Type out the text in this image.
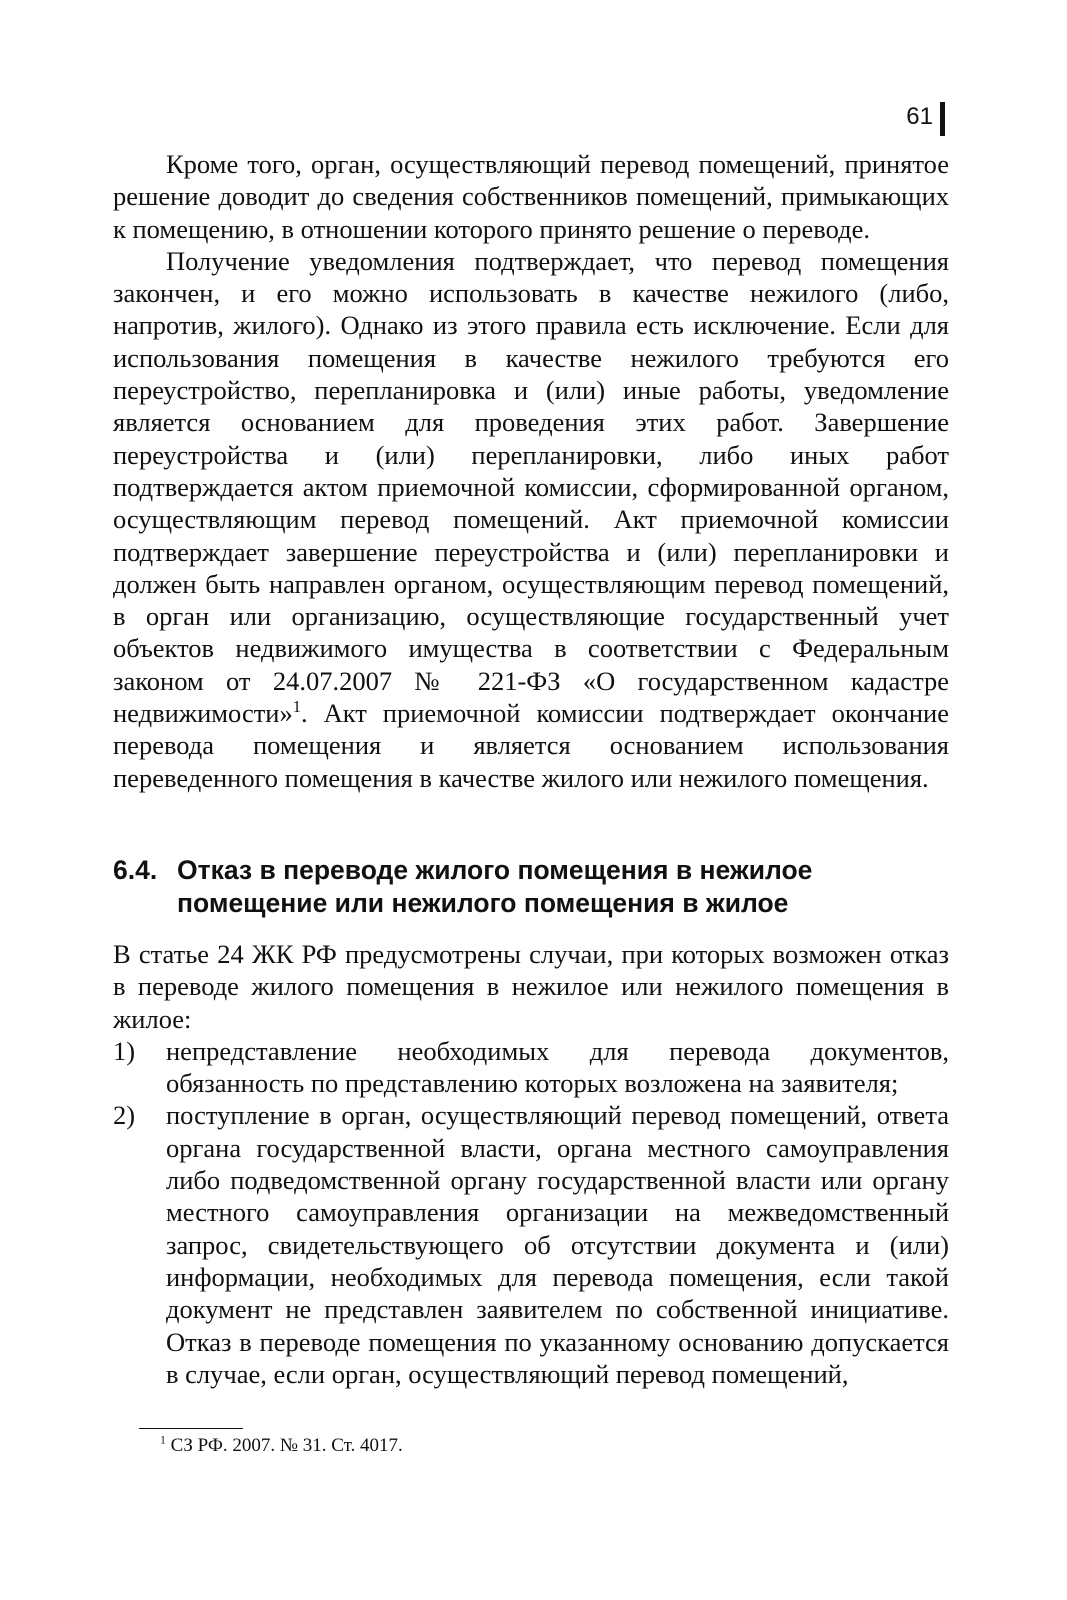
61

Кроме того, орган, осуществляющий перевод помещений, принятое решение доводит до сведения собственников помещений, примыкающих к помещению, в отношении которого принято решение о переводе.

Получение уведомления подтверждает, что перевод помещения закончен, и его можно использовать в качестве нежилого (либо, напротив, жилого). Однако из этого правила есть исключение. Если для использования помещения в качестве нежилого требуются его переустройство, перепланировка и (или) иные работы, уведомление является основанием для проведения этих работ. Завершение переустройства и (или) перепланировки, либо иных работ подтверждается актом приемочной комиссии, сформированной органом, осуществляющим перевод помещений. Акт приемочной комиссии подтверждает завершение переустройства и (или) перепланировки и должен быть направлен органом, осуществляющим перевод помещений, в орган или организацию, осуществляющие государственный учет объектов недвижимого имущества в соответствии с Федеральным законом от 24.07.2007 № 221-ФЗ «О государственном кадастре недвижимости»$^1$. Акт приемочной комиссии подтверждает окончание перевода помещения и является основанием использования переведенного помещения в качестве жилого или нежилого помещения.

6.4. Отказ в переводе жилого помещения в нежилое
помещение или нежилого помещения в жилое

В статье 24 ЖК РФ предусмотрены случаи, при которых возможен отказ в переводе жилого помещения в нежилое или нежилого помещения в жилое:

1) непредставление необходимых для перевода документов, обязанность по представлению которых возложена на заявителя;
2) поступление в орган, осуществляющий перевод помещений, ответа органа государственной власти, органа местного самоуправления либо подведомственной органу государственной власти или органу местного самоуправления организации на межведомственный запрос, свидетельствующего об отсутствии документа и (или) информации, необходимых для перевода помещения, если такой документ не представлен заявителем по собственной инициативе. Отказ в переводе помещения по указанному основанию допускается в случае, если орган, осуществляющий перевод помещений,
$^1$ СЗ РФ. 2007. № 31. Ст. 4017.
